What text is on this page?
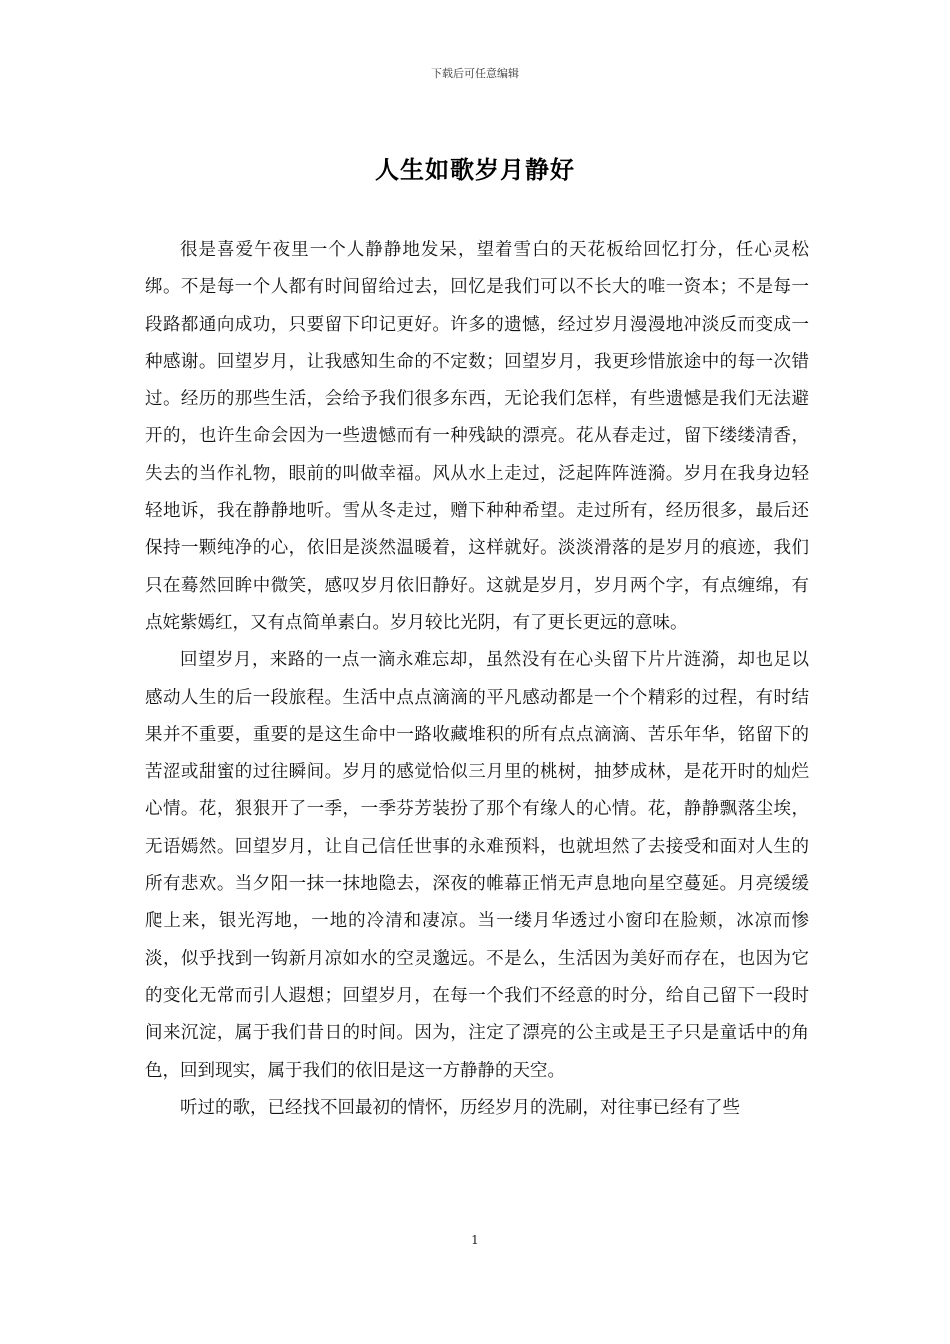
下载后可任意编辑
人生如歌岁月静好

很是喜爱午夜里一个人静静地发呆，望着雪白的天花板给回忆打分，任心灵松绑。不是每一个人都有时间留给过去，回忆是我们可以不长大的唯一资本；不是每一段路都通向成功，只要留下印记更好。许多的遗憾，经过岁月漫漫地冲淡反而变成一种感谢。回望岁月，让我感知生命的不定数；回望岁月，我更珍惜旅途中的每一次错过。经历的那些生活，会给予我们很多东西，无论我们怎样，有些遗憾是我们无法避开的，也许生命会因为一些遗憾而有一种残缺的漂亮。花从春走过，留下缕缕清香，失去的当作礼物，眼前的叫做幸福。风从水上走过，泛起阵阵涟漪。岁月在我身边轻轻地诉，我在静静地听。雪从冬走过，赠下种种希望。走过所有，经历很多，最后还保持一颗纯净的心，依旧是淡然温暖着，这样就好。淡淡滑落的是岁月的痕迹，我们只在蓦然回眸中微笑，感叹岁月依旧静好。这就是岁月，岁月两个字，有点缠绵，有点姹紫嫣红，又有点简单素白。岁月较比光阴，有了更长更远的意味。

回望岁月，来路的一点一滴永难忘却，虽然没有在心头留下片片涟漪，却也足以感动人生的后一段旅程。生活中点点滴滴的平凡感动都是一个个精彩的过程，有时结果并不重要，重要的是这生命中一路收藏堆积的所有点点滴滴、苦乐年华，铭留下的苦涩或甜蜜的过往瞬间。岁月的感觉恰似三月里的桃树，抽梦成林，是花开时的灿烂心情。花，狠狠开了一季，一季芬芳装扮了那个有缘人的心情。花，静静飘落尘埃，无语嫣然。回望岁月，让自己信任世事的永难预料，也就坦然了去接受和面对人生的所有悲欢。当夕阳一抹一抹地隐去，深夜的帷幕正悄无声息地向星空蔓延。月亮缓缓爬上来，银光泻地，一地的冷清和凄凉。当一缕月华透过小窗印在脸颊，冰凉而惨淡，似乎找到一钩新月凉如水的空灵邈远。不是么，生活因为美好而存在，也因为它的变化无常而引人遐想；回望岁月，在每一个我们不经意的时分，给自己留下一段时间来沉淀，属于我们昔日的时间。因为，注定了漂亮的公主或是王子只是童话中的角色，回到现实，属于我们的依旧是这一方静静的天空。

听过的歌，已经找不回最初的情怀，历经岁月的洗刷，对往事已经有了些

1
